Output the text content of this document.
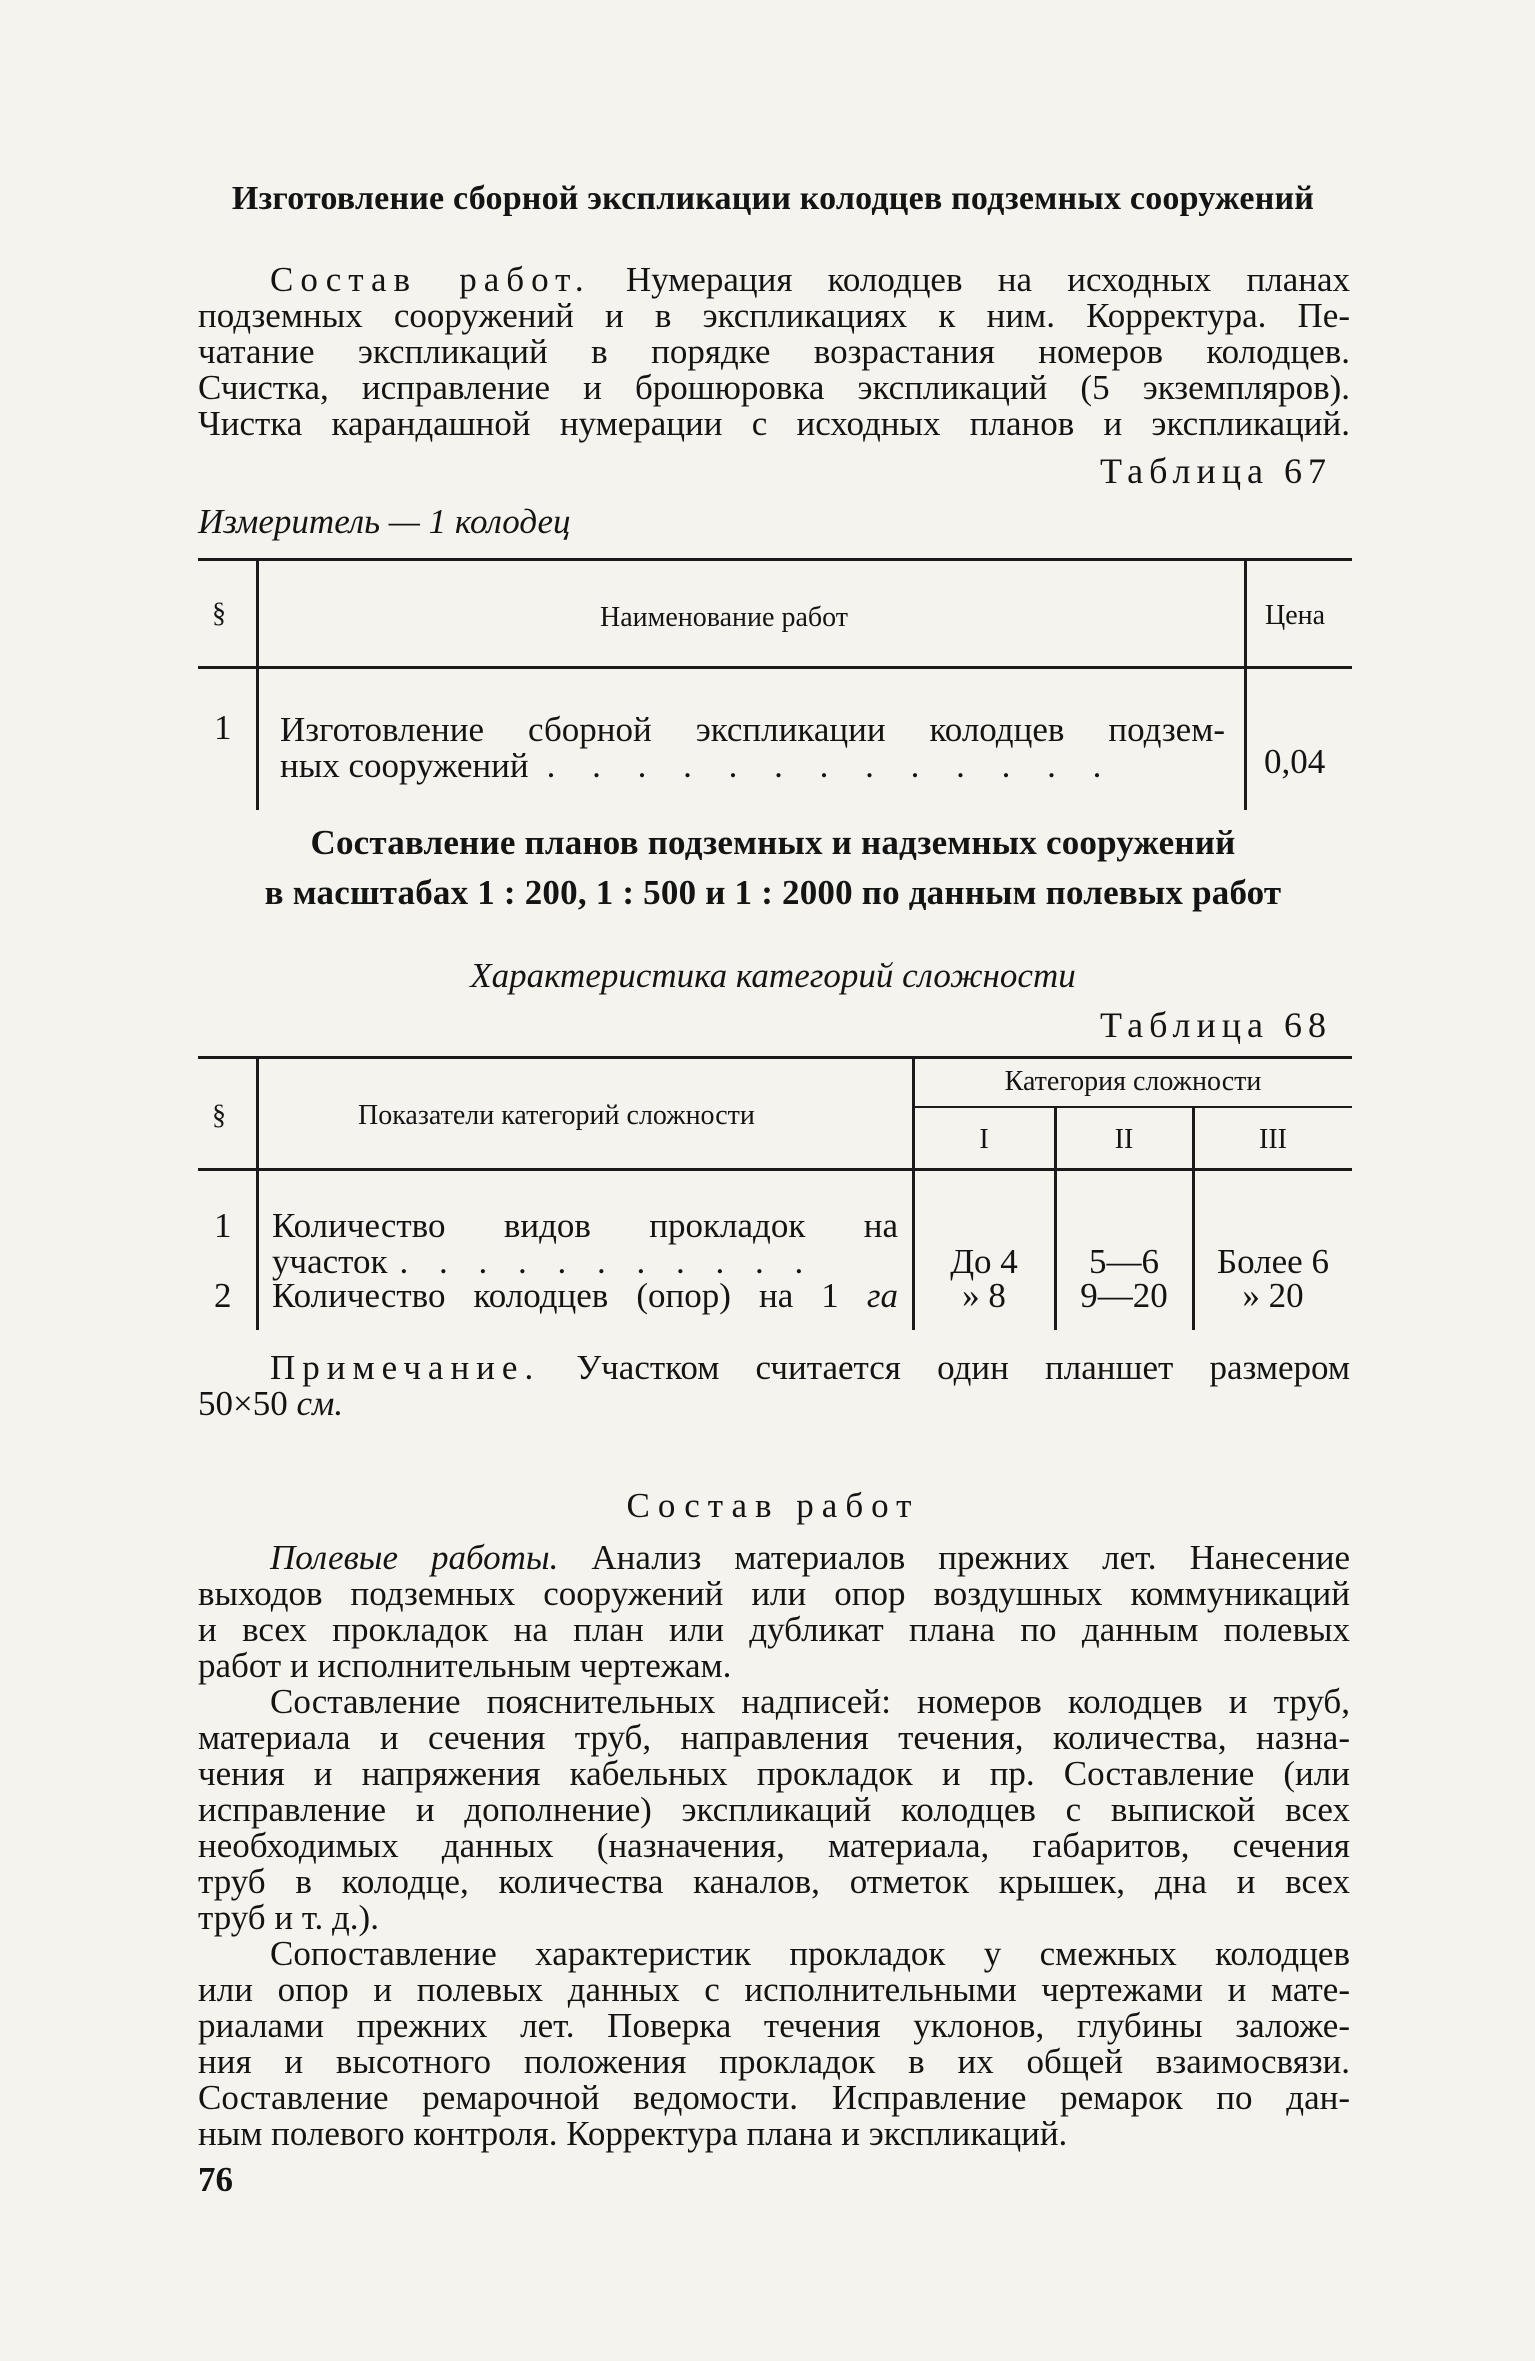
Изготовление сборной экспликации колодцев подземных сооружений
Состав работ. Нумерация колодцев на исходных планах
подземных сооружений и в экспликациях к ним. Корректура. Пе-
чатание экспликаций в порядке возрастания номеров колодцев.
Счистка, исправление и брошюровка экспликаций (5 экземпляров).
Чистка карандашной нумерации с исходных планов и экспликаций.
Таблица 67
Измеритель — 1 колодец
§	Наименование работ	Цена
1 Изготовление сборной экспликации колодцев подзем-
ных сооружений . . . . . . . . . . . . .	0,04
Составление планов подземных и надземных сооружений
в масштабах 1 : 200, 1 : 500 и 1 : 2000 по данным полевых работ
Характеристика категорий сложности
Таблица 68
§	Показатели категорий сложности
Категория сложности
I	II	III
1 Количество видов прокладок на
участок . . . . . . . . . . .	До 4	5—6	Более 6
2 Количество колодцев (опор) на 1 га	» 8	9—20	» 20
Примечание. Участком считается один планшет размером
50×50 см.
Состав работ
Полевые работы. Анализ материалов прежних лет. Нанесение
выходов подземных сооружений или опор воздушных коммуникаций
и всех прокладок на план или дубликат плана по данным полевых
работ и исполнительным чертежам.
Составление пояснительных надписей: номеров колодцев и труб,
материала и сечения труб, направления течения, количества, назна-
чения и напряжения кабельных прокладок и пр. Составление (или
исправление и дополнение) экспликаций колодцев с выпиской всех
необходимых данных (назначения, материала, габаритов, сечения
труб в колодце, количества каналов, отметок крышек, дна и всех
труб и т. д.).
Сопоставление характеристик прокладок у смежных колодцев
или опор и полевых данных с исполнительными чертежами и мате-
риалами прежних лет. Поверка течения уклонов, глубины заложе-
ния и высотного положения прокладок в их общей взаимосвязи.
Составление ремарочной ведомости. Исправление ремарок по дан-
ным полевого контроля. Корректура плана и экспликаций.
76
